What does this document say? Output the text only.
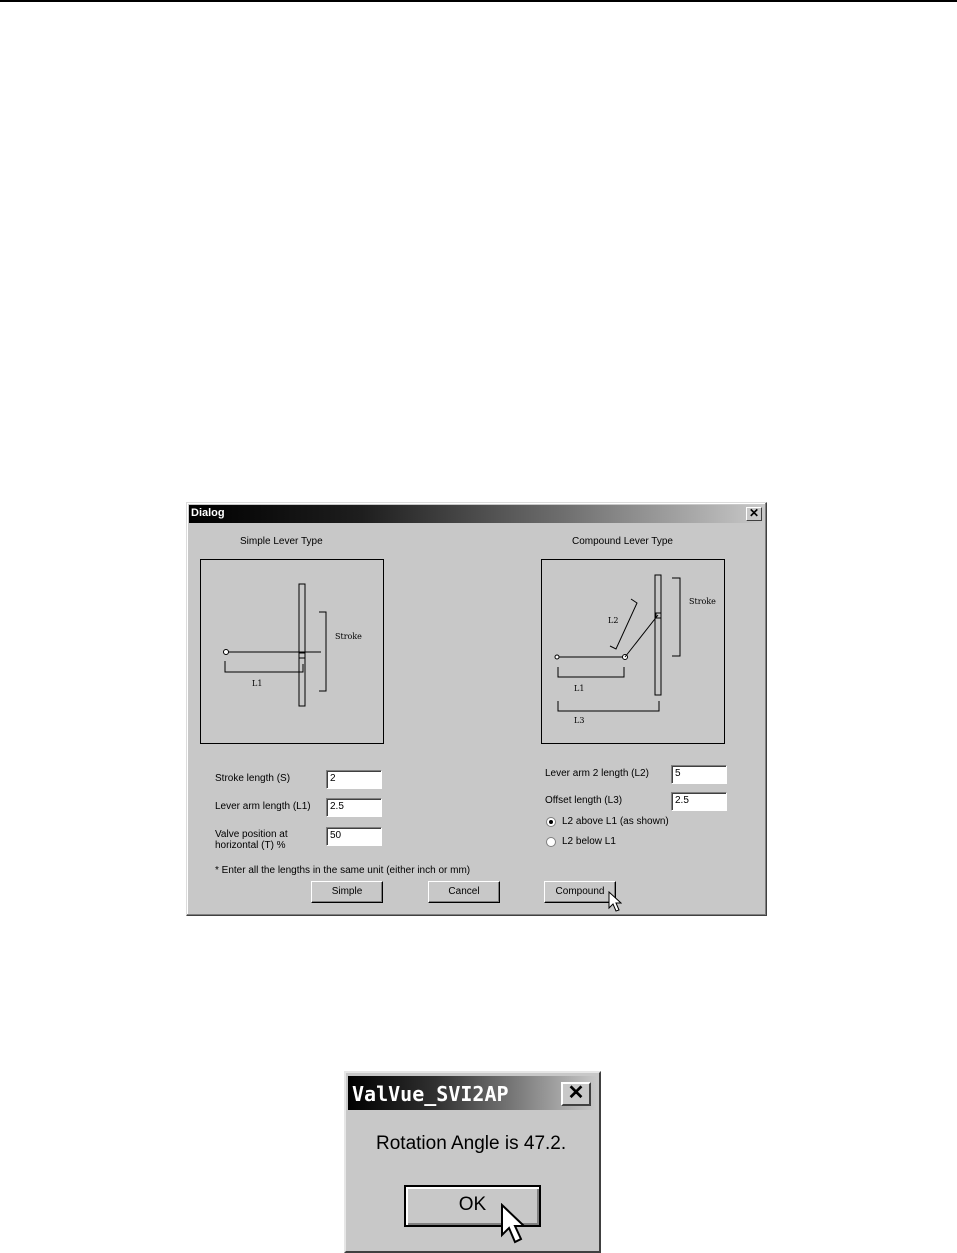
Dialog	✕
Simple Lever Type
Stroke
L1
Compound Lever Type
Stroke
L2
L1
L3
Stroke length (S)	2
Lever arm length (L1)	2.5
Valve position at
horizontal (T) %
50
Lever arm 2 length (L2)	5
Offset length (L3)	2.5
L2 above L1 (as shown)
L2 below L1
* Enter all the lengths in the same unit (either inch or mm)
Simple	Cancel	Compound
ValVue_SVI2AP	✕
Rotation Angle is 47.2.
OK
